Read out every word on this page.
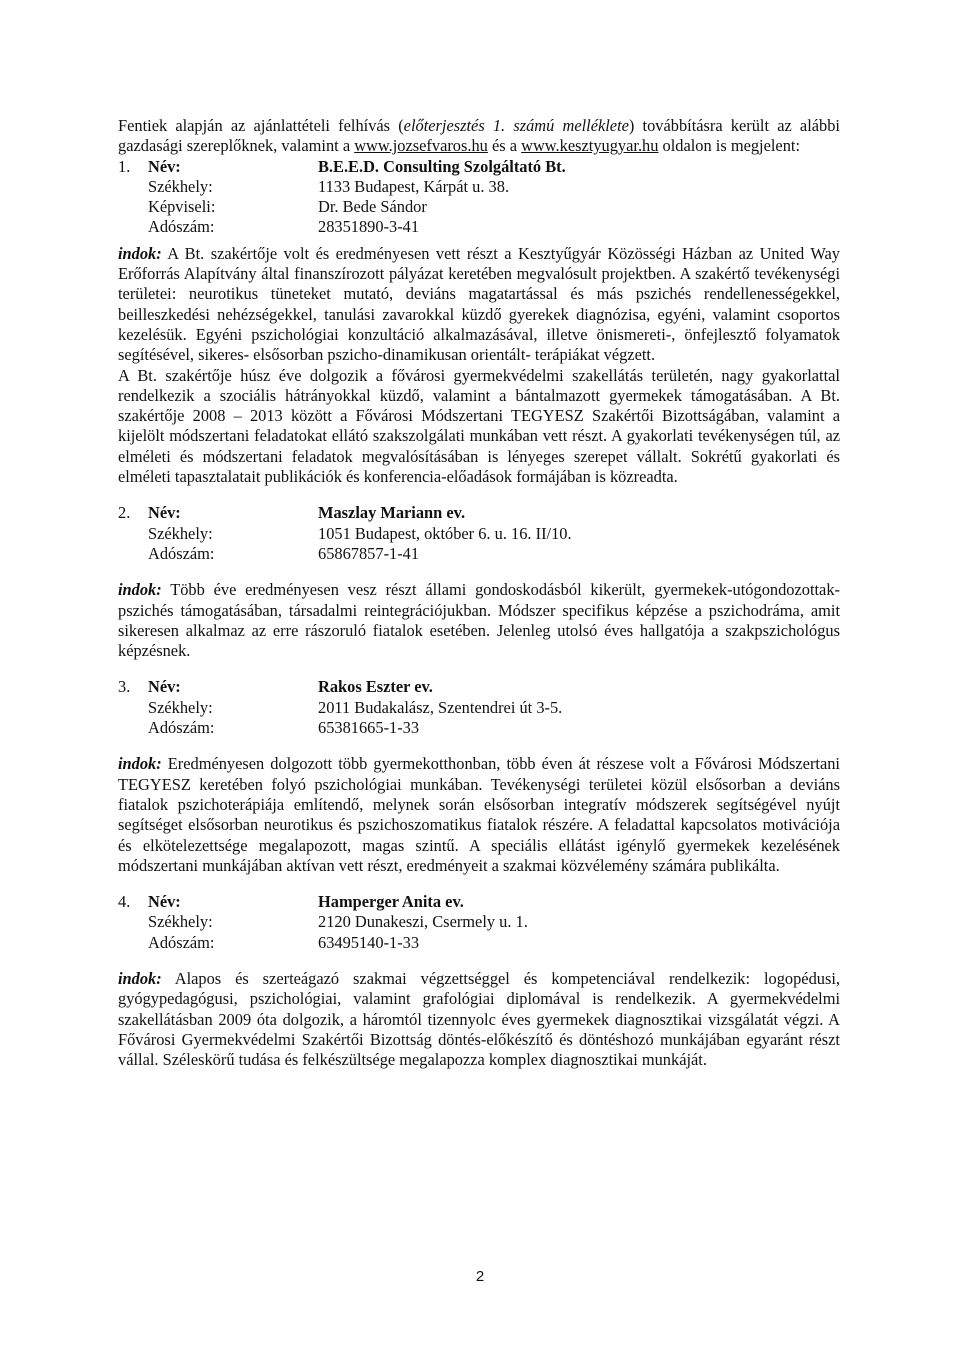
Fentiek alapján az ajánlattételi felhívás (előterjesztés 1. számú melléklete) továbbításra került az alábbi gazdasági szereplőknek, valamint a www.jozsefvaros.hu és a www.kesztyugyar.hu oldalon is megjelent:

1. Név:	B.E.E.D. Consulting Szolgáltató Bt.
Székhely:	1133 Budapest, Kárpát u. 38.
Képviseli:	Dr. Bede Sándor
Adószám:	28351890-3-41

indok: A Bt. szakértője volt és eredményesen vett részt a Kesztyűgyár Közösségi Házban az United Way Erőforrás Alapítvány által finanszírozott pályázat keretében megvalósult projektben. A szakértő tevékenységi területei: neurotikus tüneteket mutató, deviáns magatartással és más pszichés rendellenességekkel, beilleszkedési nehézségekkel, tanulási zavarokkal küzdő gyerekek diagnózisa, egyéni, valamint csoportos kezelésük. Egyéni pszichológiai konzultáció alkalmazásával, illetve önismereti-, önfejlesztő folyamatok segítésével, sikeres- elsősorban pszicho-dinamikusan orientált- terápiákat végzett.

A Bt. szakértője húsz éve dolgozik a fővárosi gyermekvédelmi szakellátás területén, nagy gyakorlattal rendelkezik a szociális hátrányokkal küzdő, valamint a bántalmazott gyermekek támogatásában. A Bt. szakértője 2008 – 2013 között a Fővárosi Módszertani TEGYESZ Szakértői Bizottságában, valamint a kijelölt módszertani feladatokat ellátó szakszolgálati munkában vett részt. A gyakorlati tevékenységen túl, az elméleti és módszertani feladatok megvalósításában is lényeges szerepet vállalt. Sokrétű gyakorlati és elméleti tapasztalatait publikációk és konferencia-előadások formájában is közreadta.

2. Név:	Maszlay Mariann ev.
Székhely:	1051 Budapest, október 6. u. 16. II/10.
Adószám:	65867857-1-41

indok: Több éve eredményesen vesz részt állami gondoskodásból kikerült, gyermekek-utógondozottak- pszichés támogatásában, társadalmi reintegrációjukban. Módszer specifikus képzése a pszichodráma, amit sikeresen alkalmaz az erre rászoruló fiatalok esetében. Jelenleg utolsó éves hallgatója a szakpszichológus képzésnek.

3. Név:	Rakos Eszter ev.
Székhely:	2011 Budakalász, Szentendrei út 3-5.
Adószám:	65381665-1-33

indok: Eredményesen dolgozott több gyermekotthonban, több éven át részese volt a Fővárosi Módszertani TEGYESZ keretében folyó pszichológiai munkában. Tevékenységi területei közül elsősorban a deviáns fiatalok pszichoterápiája említendő, melynek során elsősorban integratív módszerek segítségével nyújt segítséget elsősorban neurotikus és pszichoszomatikus fiatalok részére. A feladattal kapcsolatos motivációja és elkötelezettsége megalapozott, magas szintű. A speciális ellátást igénylő gyermekek kezelésének módszertani munkájában aktívan vett részt, eredményeit a szakmai közvélemény számára publikálta.

4. Név:	Hamperger Anita ev.
Székhely:	2120 Dunakeszi, Csermely u. 1.
Adószám:	63495140-1-33

indok: Alapos és szerteágazó szakmai végzettséggel és kompetenciával rendelkezik: logopédusi, gyógypedagógusi, pszichológiai, valamint grafológiai diplomával is rendelkezik. A gyermekvédelmi szakellátásban 2009 óta dolgozik, a háromtól tizennyolc éves gyermekek diagnosztikai vizsgálatát végzi. A Fővárosi Gyermekvédelmi Szakértői Bizottság döntés-előkészítő és döntéshozó munkájában egyaránt részt vállal. Széleskörű tudása és felkészültsége megalapozza komplex diagnosztikai munkáját.

2
